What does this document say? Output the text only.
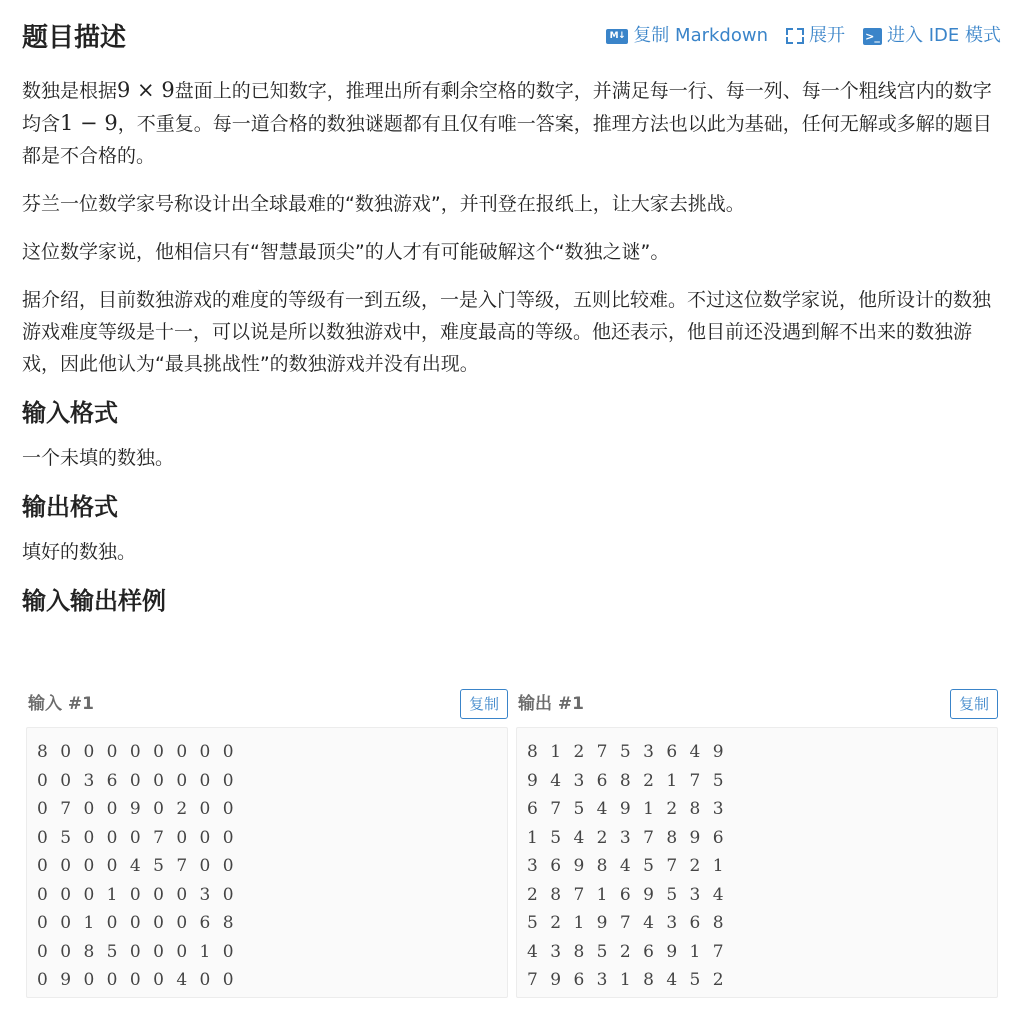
题目描述	M↓ 复制 Markdown 展开 >_ 进入 IDE 模式

数独是根据9 × 9盘面上的已知数字，推理出所有剩余空格的数字，并满足每一行、每一列、每一个粗线宫内的数字均含1 − 9，不重复。每一道合格的数独谜题都有且仅有唯一答案，推理方法也以此为基础，任何无解或多解的题目都是不合格的。

芬兰一位数学家号称设计出全球最难的“数独游戏”，并刊登在报纸上，让大家去挑战。

这位数学家说，他相信只有“智慧最顶尖”的人才有可能破解这个“数独之谜”。

据介绍，目前数独游戏的难度的等级有一到五级，一是入门等级，五则比较难。不过这位数学家说，他所设计的数独游戏难度等级是十一，可以说是所以数独游戏中，难度最高的等级。他还表示，他目前还没遇到解不出来的数独游戏，因此他认为“最具挑战性”的数独游戏并没有出现。

输入格式

一个未填的数独。

输出格式

填好的数独。

输入输出样例
输入 #1	复制
8 0 0 0 0 0 0 0 0
0 0 3 6 0 0 0 0 0
0 7 0 0 9 0 2 0 0
0 5 0 0 0 7 0 0 0
0 0 0 0 4 5 7 0 0
0 0 0 1 0 0 0 3 0
0 0 1 0 0 0 0 6 8
0 0 8 5 0 0 0 1 0
0 9 0 0 0 0 4 0 0
输出 #1	复制
8 1 2 7 5 3 6 4 9
9 4 3 6 8 2 1 7 5
6 7 5 4 9 1 2 8 3
1 5 4 2 3 7 8 9 6
3 6 9 8 4 5 7 2 1
2 8 7 1 6 9 5 3 4
5 2 1 9 7 4 3 6 8
4 3 8 5 2 6 9 1 7
7 9 6 3 1 8 4 5 2
